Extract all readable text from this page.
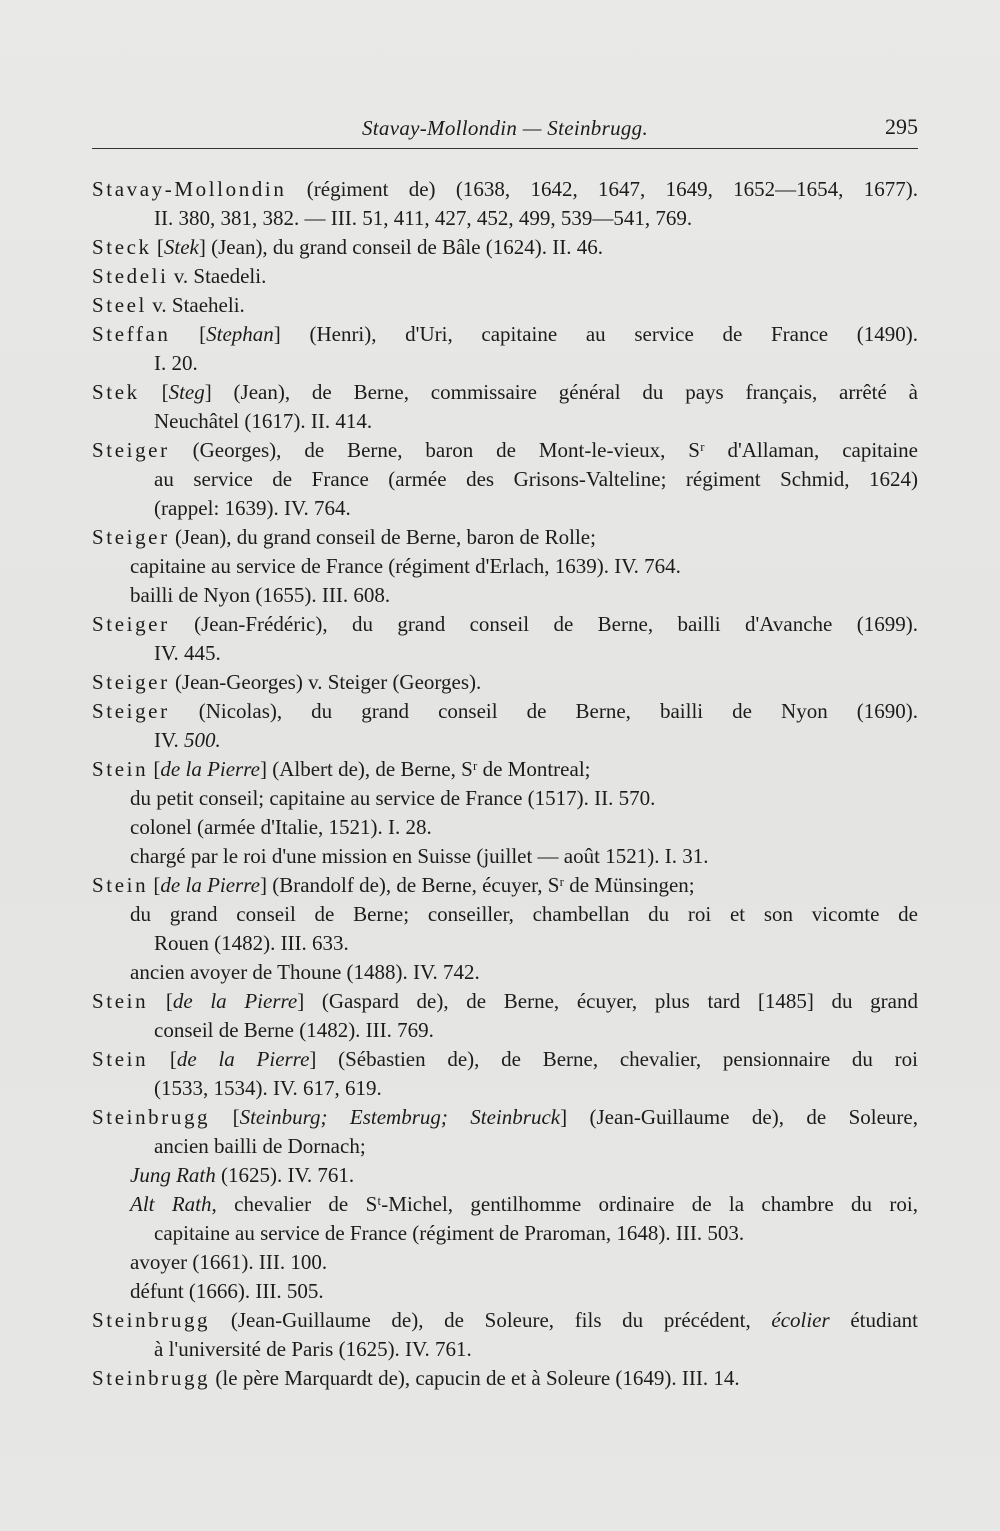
Stavay-Mollondin — Steinbrugg.	295
Stavay-Mollondin (régiment de) (1638, 1642, 1647, 1649, 1652—1654, 1677).
II. 380, 381, 382. — III. 51, 411, 427, 452, 499, 539—541, 769.
Steck [Stek] (Jean), du grand conseil de Bâle (1624). II. 46.
Stedeli v. Staedeli.
Steel v. Staeheli.
Steffan [Stephan] (Henri), d'Uri, capitaine au service de France (1490).
I. 20.
Stek [Steg] (Jean), de Berne, commissaire général du pays français, arrêté à
Neuchâtel (1617). II. 414.
Steiger (Georges), de Berne, baron de Mont-le-vieux, Sʳ d'Allaman, capitaine
au service de France (armée des Grisons-Valteline; régiment Schmid, 1624)
(rappel: 1639). IV. 764.
Steiger (Jean), du grand conseil de Berne, baron de Rolle;
capitaine au service de France (régiment d'Erlach, 1639). IV. 764.
bailli de Nyon (1655). III. 608.
Steiger (Jean-Frédéric), du grand conseil de Berne, bailli d'Avanche (1699).
IV. 445.
Steiger (Jean-Georges) v. Steiger (Georges).
Steiger (Nicolas), du grand conseil de Berne, bailli de Nyon (1690).
IV. 500.
Stein [de la Pierre] (Albert de), de Berne, Sʳ de Montreal;
du petit conseil; capitaine au service de France (1517). II. 570.
colonel (armée d'Italie, 1521). I. 28.
chargé par le roi d'une mission en Suisse (juillet — août 1521). I. 31.
Stein [de la Pierre] (Brandolf de), de Berne, écuyer, Sʳ de Münsingen;
du grand conseil de Berne; conseiller, chambellan du roi et son vicomte de
Rouen (1482). III. 633.
ancien avoyer de Thoune (1488). IV. 742.
Stein [de la Pierre] (Gaspard de), de Berne, écuyer, plus tard [1485] du grand
conseil de Berne (1482). III. 769.
Stein [de la Pierre] (Sébastien de), de Berne, chevalier, pensionnaire du roi
(1533, 1534). IV. 617, 619.
Steinbrugg [Steinburg; Estembrug; Steinbruck] (Jean-Guillaume de), de Soleure,
ancien bailli de Dornach;
Jung Rath (1625). IV. 761.
Alt Rath, chevalier de Sᵗ-Michel, gentilhomme ordinaire de la chambre du roi,
capitaine au service de France (régiment de Praroman, 1648). III. 503.
avoyer (1661). III. 100.
défunt (1666). III. 505.
Steinbrugg (Jean-Guillaume de), de Soleure, fils du précédent, écolier étudiant
à l'université de Paris (1625). IV. 761.
Steinbrugg (le père Marquardt de), capucin de et à Soleure (1649). III. 14.
